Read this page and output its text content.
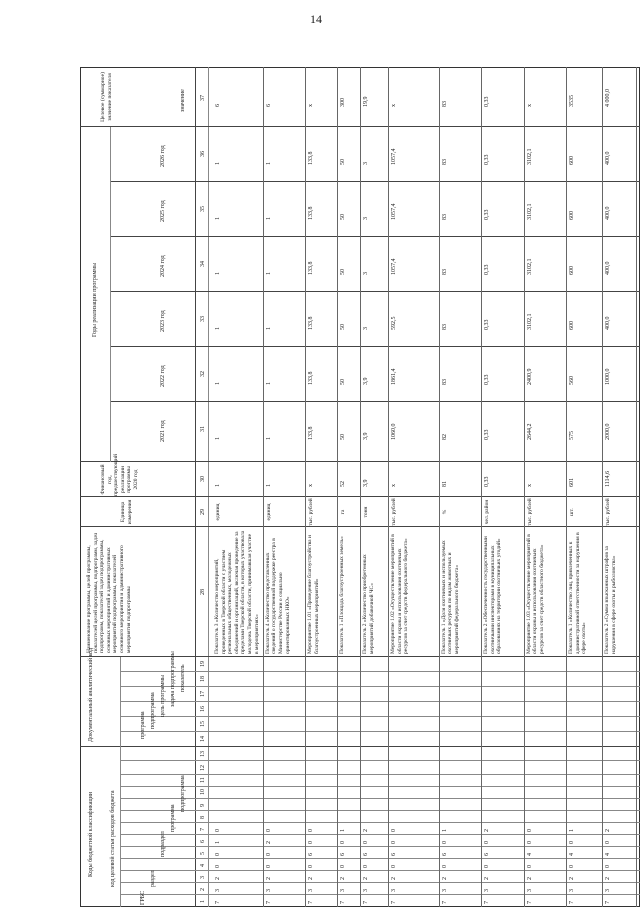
14
Коды бюджетной классификации
Документальный аналитический код
Наименование программы, целей программы, показателей целей программы, подпрограмм, задач подпрограмм, показателей задач подпрограммы, основных мероприятий и административных мероприятий подпрограммы, показателей основного мероприятия и административного мероприятия подпрограммы
Единица измерения
Финансовый год, предшествующий реализации программы 2020 год
Годы реализации программы
Целевое (суммарное) значение показателя	значение
2021 год
2022 год
2023 год
2024 год
2025 год
2026 год
код целевой статьи расходов бюджета
ГРБС
раздел
подраздел
программа
подпрограмма
программа подпрограмма цель программы задача подпрограммы показатель
1
2
3
4
5
6
7
8
9
10
11
12
13
14
15
16
17
18
19
28
29
30
31
32
33
34
35
36
37
7
3
2
0
0
1
0
Показатель 3 «Количество мероприятий, проведенных в Тверской области с участием региональных общественных, молодежных объединений и организаций, включая проведение за пределами Тверской области, в которых участвовала молодежь Тверской области, принимавшая участие в мероприятиях»
единиц
1
1
1
1
1
1
1
6
7
3
2
0
0
2
0
Показатель 4 «Количество представленных сведений о государственной поддержке реестра в Министерстве России о социально ориентированных НКО»
единиц
1
1
1
1
1
1
1
6
7
3
2
0
6
0
0
Мероприятие 1.01 «Проведение благоустройства и благоустроенных мероприятий»
тыс. рублей
х
133,8
133,8
133,8
133,8
133,8
133,8
х
7
3
2
0
6
0
1
Показатель 1 «Площадь благоустроенных земель»
га
52
50
50
50
50
50
50
300
7
3
2
0
6
0
2
Показатель 2 «Количество приобретенных мероприятий добавочной ЧС»
тонн
3,9
3,9
3,9
3
3
3
3
19,9
7
3
2
0
6
0
0
Мероприятие 1.02 «Осуществление мероприятий в области охраны и использования охотничьих ресурсов за счет средств федерального бюджета»
тыс. рублей
х
1060,0
1861,4
592,5
1057,4
1057,4
1057,4
х
7
3
2
0
6
0
1
Показатель 1 «Доля охотничьих и используемых охотничьих ресурсов по видам животных и мероприятий федерального бюджета»
%
81
82
83
83
83
83
83
83
7
3
2
0
6
0
2
Показатель 2 «Обеспеченность государственными охотничьими инспекторами в муниципальных образованиях на территории охотничьих угодий»
чел. район
0,33
0,33
0,33
0,33
0,33
0,33
0,33
0,33
7
3
2
0
4
0
0
Мероприятие 1.03 «Осуществление мероприятий в области охраны и использования охотничьих ресурсов за счет средств областного бюджета»
тыс. рублей
х
2644,2
2400,9
3102,1
3102,1
3102,1
3102,1
х
7
3
2
0
4
0
1
Показатель 1 «Количество лиц, привлеченных к административной ответственности за нарушения в сфере охоты»
шт.
601
575
560
600
600
600
600
3535
7
3
2
0
4
0
2
Показатель 2 «Сумма взысканных штрафов за нарушения в сфере охоты и рыболовства»
тыс. рублей
1114,6
2000,0
1000,0
400,0
400,0
400,0
400,0
4 000,0
